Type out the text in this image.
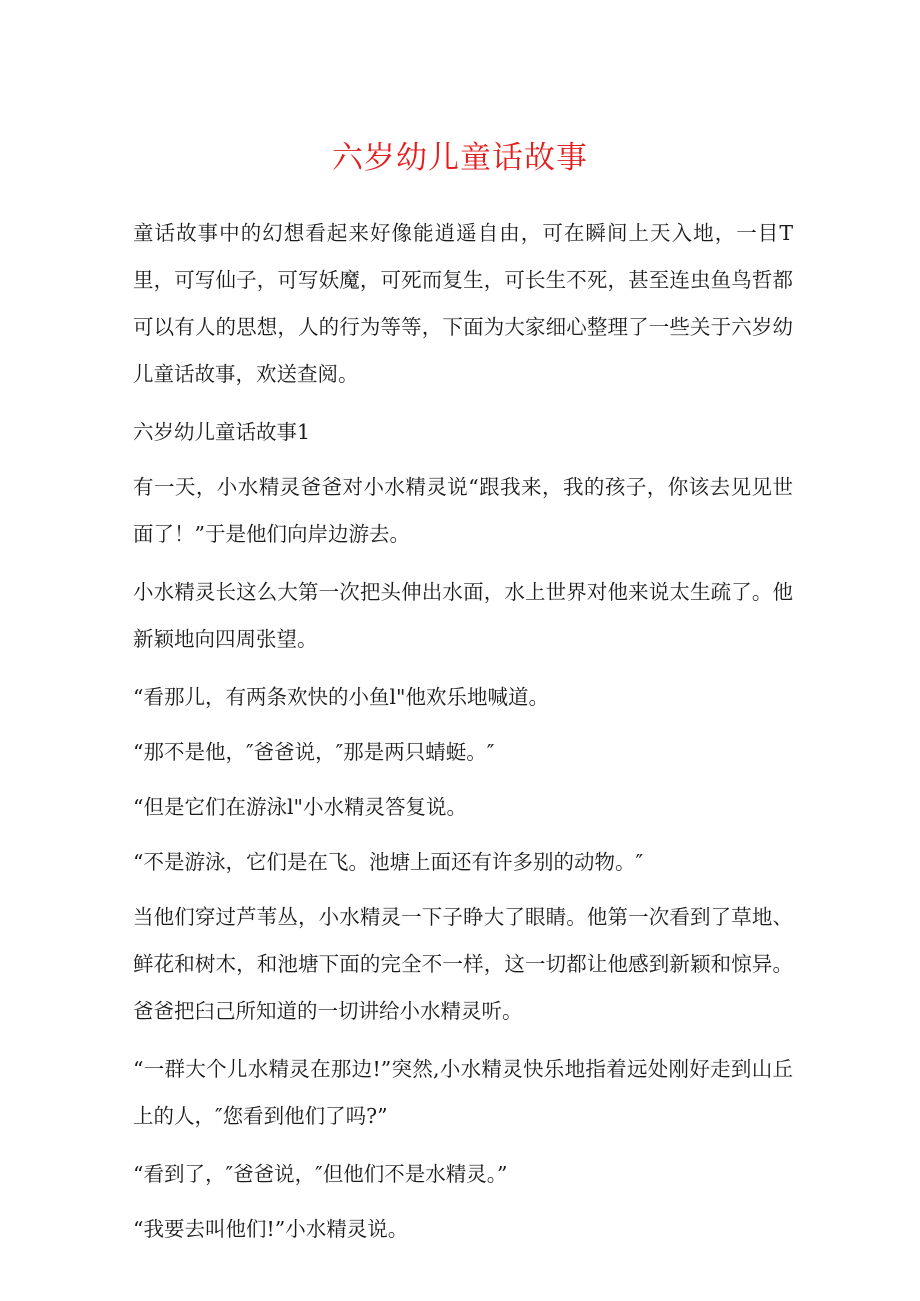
六岁幼儿童话故事

童话故事中的幻想看起来好像能逍遥自由，可在瞬间上天入地，一目T里，可写仙子，可写妖魔，可死而复生，可长生不死，甚至连虫鱼鸟哲都可以有人的思想，人的行为等等，下面为大家细心整理了一些关于六岁幼儿童话故事，欢送查阅。

六岁幼儿童话故事1

有一天，小水精灵爸爸对小水精灵说“跟我来，我的孩子，你该去见见世面了！”于是他们向岸边游去。

小水精灵长这么大第一次把头伸出水面，水上世界对他来说太生疏了。他新颖地向四周张望。

“看那儿，有两条欢快的小鱼l"他欢乐地喊道。

“那不是他，″爸爸说，″那是两只蜻蜓。″

“但是它们在游泳l"小水精灵答复说。

“不是游泳，它们是在飞。池塘上面还有许多别的动物。″

当他们穿过芦苇丛，小水精灵一下子睁大了眼睛。他第一次看到了草地、鲜花和树木，和池塘下面的完全不一样，这一切都让他感到新颖和惊异。爸爸把臼己所知道的一切讲给小水精灵听。

“一群大个儿水精灵在那边!”突然,小水精灵快乐地指着远处刚好走到山丘上的人，″您看到他们了吗?”

“看到了，″爸爸说，″但他们不是水精灵。”

“我要去叫他们!”小水精灵说。
